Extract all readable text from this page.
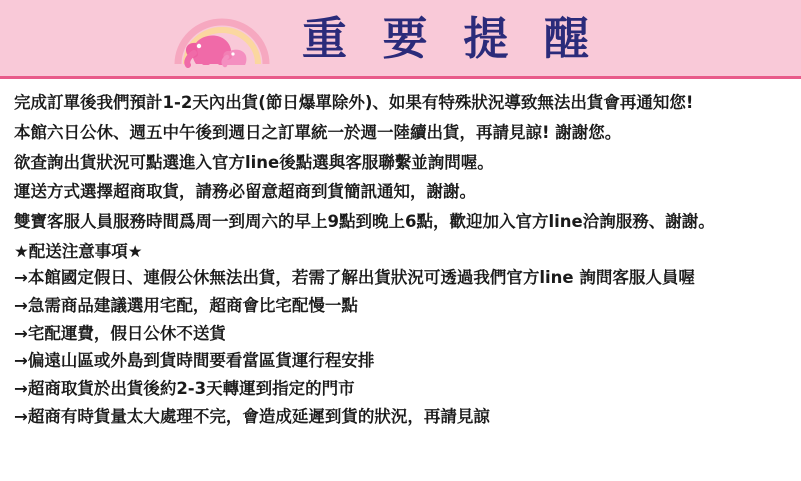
重 要 提 醒

完成訂單後我們預計1-2天內出貨(節日爆單除外)、如果有特殊狀況導致無法出貨會再通知您!

本館六日公休、週五中午後到週日之訂單統一於週一陸續出貨，再請見諒! 謝謝您。

欲查詢出貨狀況可點選進入官方line後點選與客服聯繫並詢問喔。

運送方式選擇超商取貨，請務必留意超商到貨簡訊通知，謝謝。

雙寶客服人員服務時間爲周一到周六的早上9點到晚上6點，歡迎加入官方line洽詢服務、謝謝。

★配送注意事項★

→本館國定假日、連假公休無法出貨，若需了解出貨狀況可透過我們官方line 詢問客服人員喔

→急需商品建議選用宅配，超商會比宅配慢一點

→宅配運費，假日公休不送貨

→偏遠山區或外島到貨時間要看當區貨運行程安排

→超商取貨於出貨後約2-3天轉運到指定的門市

→超商有時貨量太大處理不完，會造成延遲到貨的狀況，再請見諒
